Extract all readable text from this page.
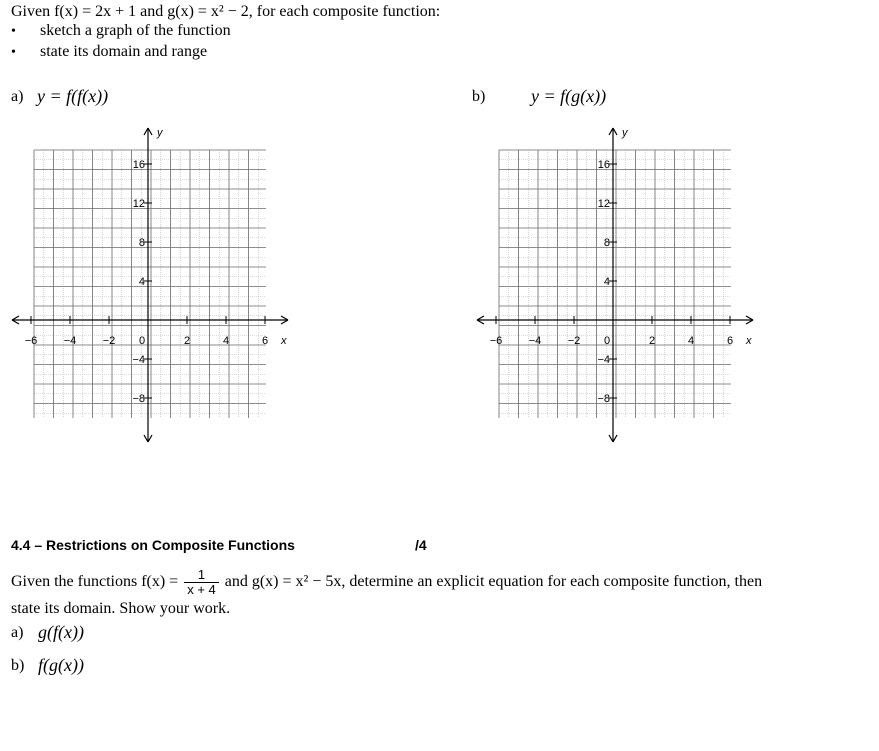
Given f(x) = 2x + 1 and g(x) = x² − 2, for each composite function:
• sketch a graph of the function
• state its domain and range
a) y = f(f(x))	b)	y = f(g(x))
−6 −4 −2 0	2	4	6 x
16
12
8
4
−4
−8
y
−6 −4 −2 0	2	4	6 x
16
12
8
4
−4
−8
y
4.4 – Restrictions on Composite Functions	/4
Given the functions $f(x) = \frac{1}{x + 4}$ and g(x) = x² − 5x, determine an explicit equation for each composite function, then
state its domain. Show your work.
a) g(f(x))
b) f(g(x))
